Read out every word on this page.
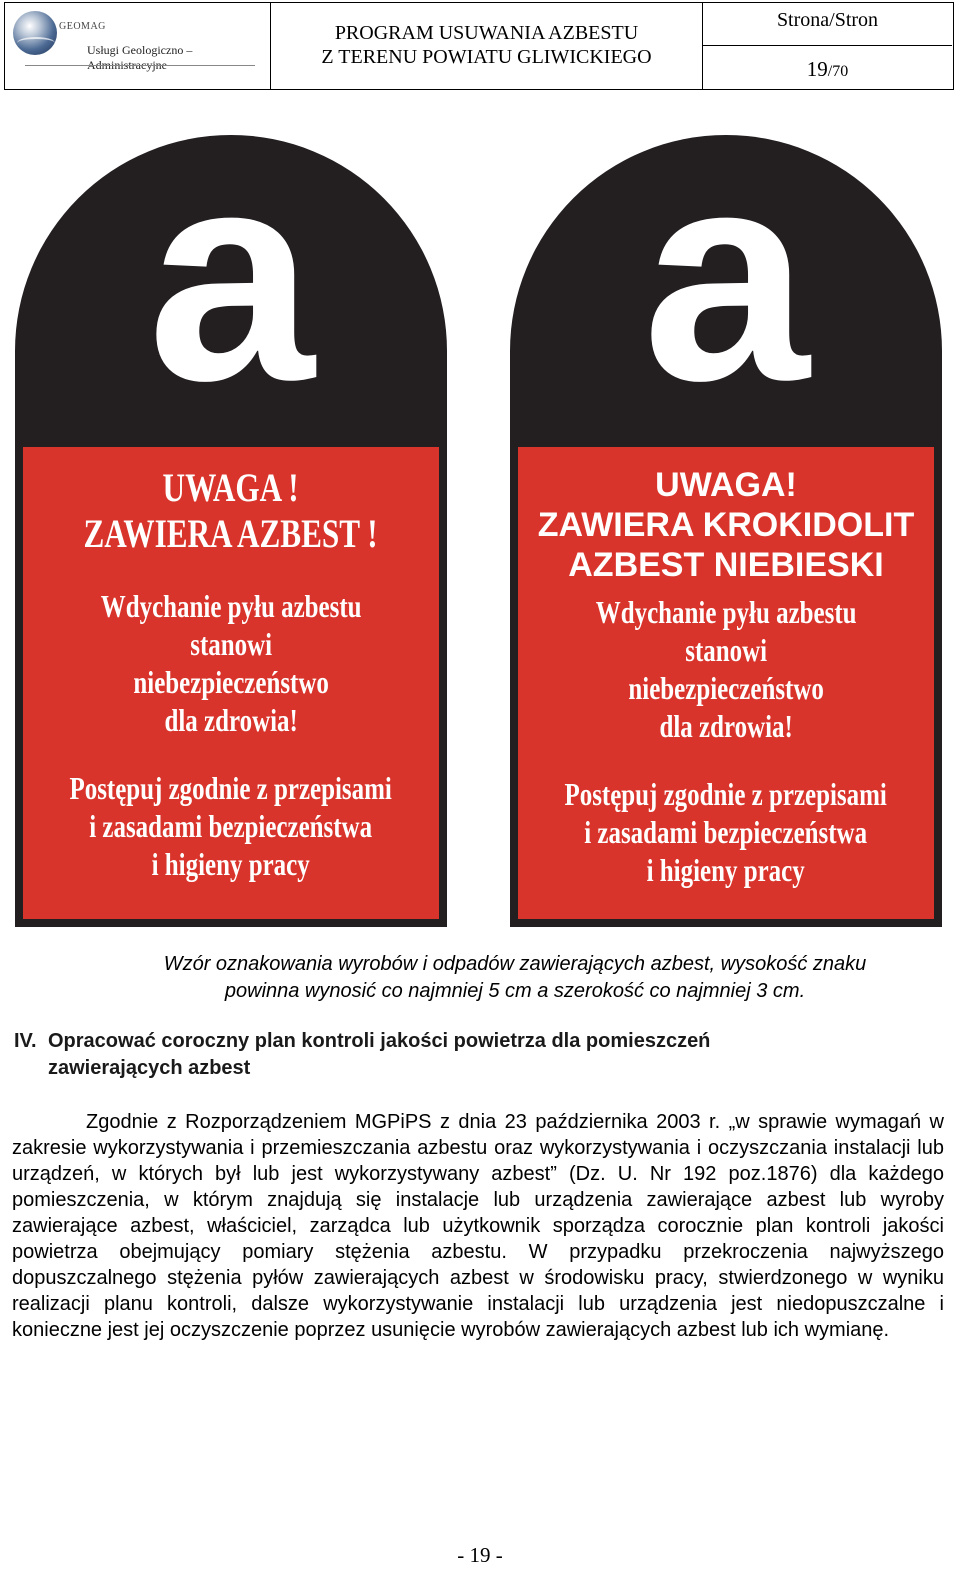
GEOMAG
Usługi Geologiczno – Administracyjne
PROGRAM USUWANIA AZBESTU
Z TERENU POWIATU GLIWICKIEGO
Strona/Stron
19/70
a
UWAGA !
ZAWIERA AZBEST !
Wdychanie pyłu azbestu
stanowi
niebezpieczeństwo
dla zdrowia!
Postępuj zgodnie z przepisami
i zasadami bezpieczeństwa
i higieny pracy
a
UWAGA!
ZAWIERA KROKIDOLIT
AZBEST NIEBIESKI
Wdychanie pyłu azbestu
stanowi
niebezpieczeństwo
dla zdrowia!
Postępuj zgodnie z przepisami
i zasadami bezpieczeństwa
i higieny pracy
Wzór oznakowania wyrobów i odpadów zawierających azbest, wysokość znaku
powinna wynosić co najmniej 5 cm a szerokość co najmniej 3 cm.
IV. Opracować coroczny plan kontroli jakości powietrza dla pomieszczeń
zawierających azbest
Zgodnie z Rozporządzeniem MGPiPS z dnia 23 października 2003 r. „w sprawie wymagań w zakresie wykorzystywania i przemieszczania azbestu oraz wykorzystywania i oczyszczania instalacji lub urządzeń, w których był lub jest wykorzystywany azbest” (Dz. U. Nr 192 poz.1876) dla każdego pomieszczenia, w którym znajdują się instalacje lub urządzenia zawierające azbest lub wyroby zawierające azbest, właściciel, zarządca lub użytkownik sporządza corocznie plan kontroli jakości powietrza obejmujący pomiary stężenia azbestu. W przypadku przekroczenia najwyższego dopuszczalnego stężenia pyłów zawierających azbest w środowisku pracy, stwierdzonego w wyniku realizacji planu kontroli, dalsze wykorzystywanie instalacji lub urządzenia jest niedopuszczalne i konieczne jest jej oczyszczenie poprzez usunięcie wyrobów zawierających azbest lub ich wymianę.
- 19 -
